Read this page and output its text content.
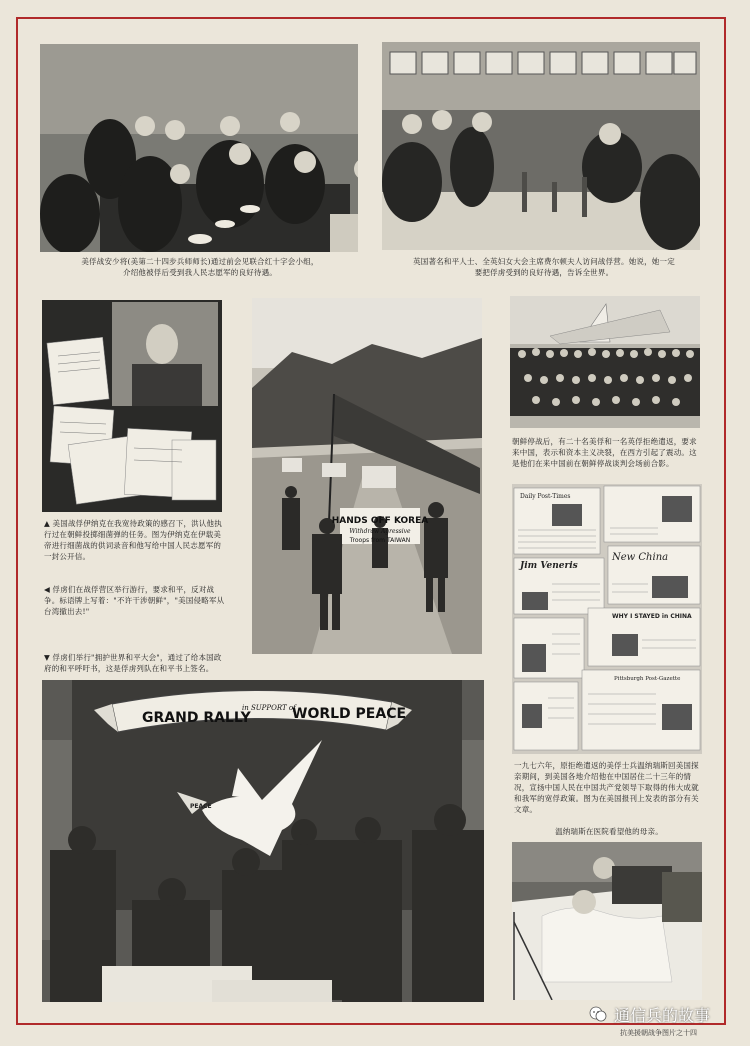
美俘战安少将(美第二十四步兵师师长)通过前会见联合红十字会小组，介绍他被俘后受到我人民志愿军的良好待遇。
英国著名和平人士、全英妇女大会主席费尔顿夫人访问战俘营。她说，她一定要把俘虏受到的良好待遇，告诉全世界。
▲ 美国战俘伊纳克在我宽待政策的感召下，洪认他执行过在朝鲜投掷细菌弹的任务。图为伊纳克在伊载美帝进行细菌战的供词录音和他写给中国人民志愿军的一封公开信。
◀ 俘虏们在战俘营区举行游行，要求和平，反对战争。标语牌上写着："不许干涉朝鲜"，"美国侵略军从台湾撤出去!"
▼ 俘虏们举行"拥护世界和平大会"，通过了给本国政府的和平呼吁书，这是俘虏列队在和平书上签名。
HANDS OFF KOREA
Withdraw Agressive
Troops from TAIWAN
朝鲜停战后，有二十名美俘和一名英俘拒绝遣返，要求来中国，表示和资本主义决裂，在西方引起了震动。这是他们在来中国前在朝鲜停战谈判会场前合影。
Jim Veneris
New China
WHY I STAYED in CHINA
Pittsburgh Post-Gazette
Daily Post-Times
一九七六年，原拒绝遣返的美俘士兵温纳瑞斯回美国探亲期间，到美国各地介绍他在中国居住二十三年的情况，宣扬中国人民在中国共产党领导下取得的伟大成就和我军的宽俘政策。图为在美国报刊上发表的部分有关文章。
温纳瑞斯在医院看望他的母亲。
GRAND RALLY
in SUPPORT of
WORLD PEACE
PEACE
抗美援朝战争图片之十四
通信兵的故事
